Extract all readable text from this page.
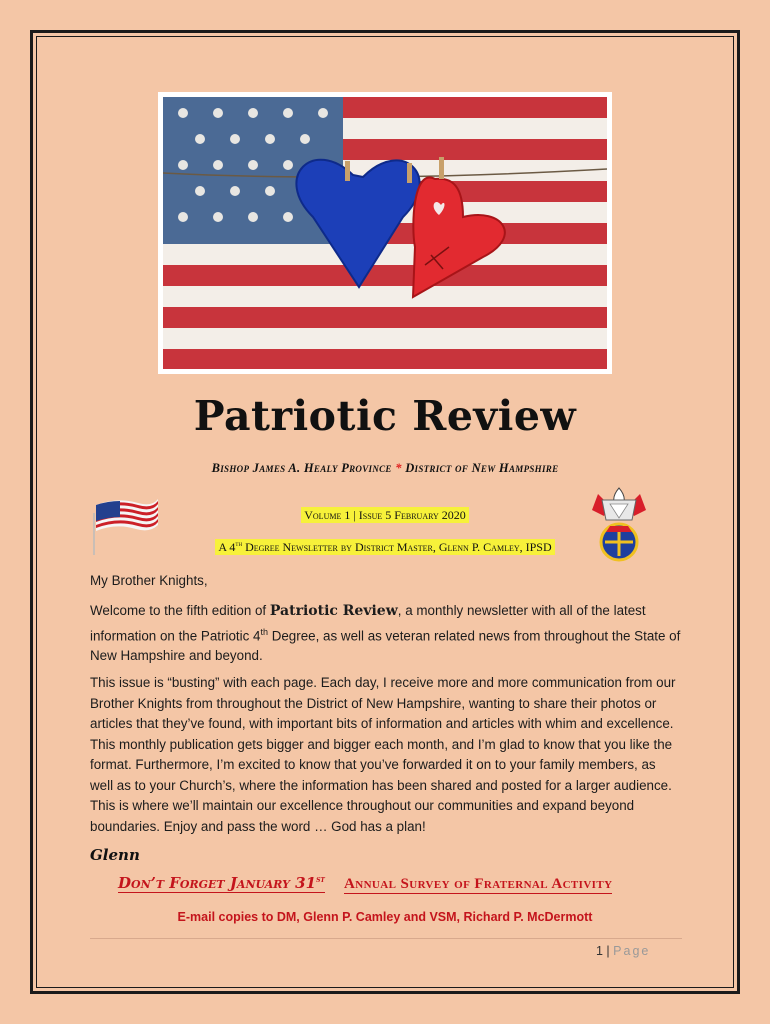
Patriotic Review
Bishop James A. Healy Province * District of New Hampshire
Volume 1 | Issue 5 February 2020
A 4th Degree Newsletter by District Master, Glenn P. Camley, IPSD
My Brother Knights,
Welcome to the fifth edition of Patriotic Review, a monthly newsletter with all of the latest information on the Patriotic 4th Degree, as well as veteran related news from throughout the State of New Hampshire and beyond.
This issue is “busting” with each page. Each day, I receive more and more communication from our Brother Knights from throughout the District of New Hampshire, wanting to share their photos or articles that they’ve found, with important bits of information and articles with whim and excellence. This monthly publication gets bigger and bigger each month, and I’m glad to know that you like the format. Furthermore, I’m excited to know that you’ve forwarded it on to your family members, as well as to your Church’s, where the information has been shared and posted for a larger audience. This is where we’ll maintain our excellence throughout our communities and expand beyond boundaries. Enjoy and pass the word … God has a plan!
Glenn
Don’t Forget January 31st Annual Survey of Fraternal Activity
E-mail copies to DM, Glenn P. Camley and VSM, Richard P. McDermott
1 | Page
